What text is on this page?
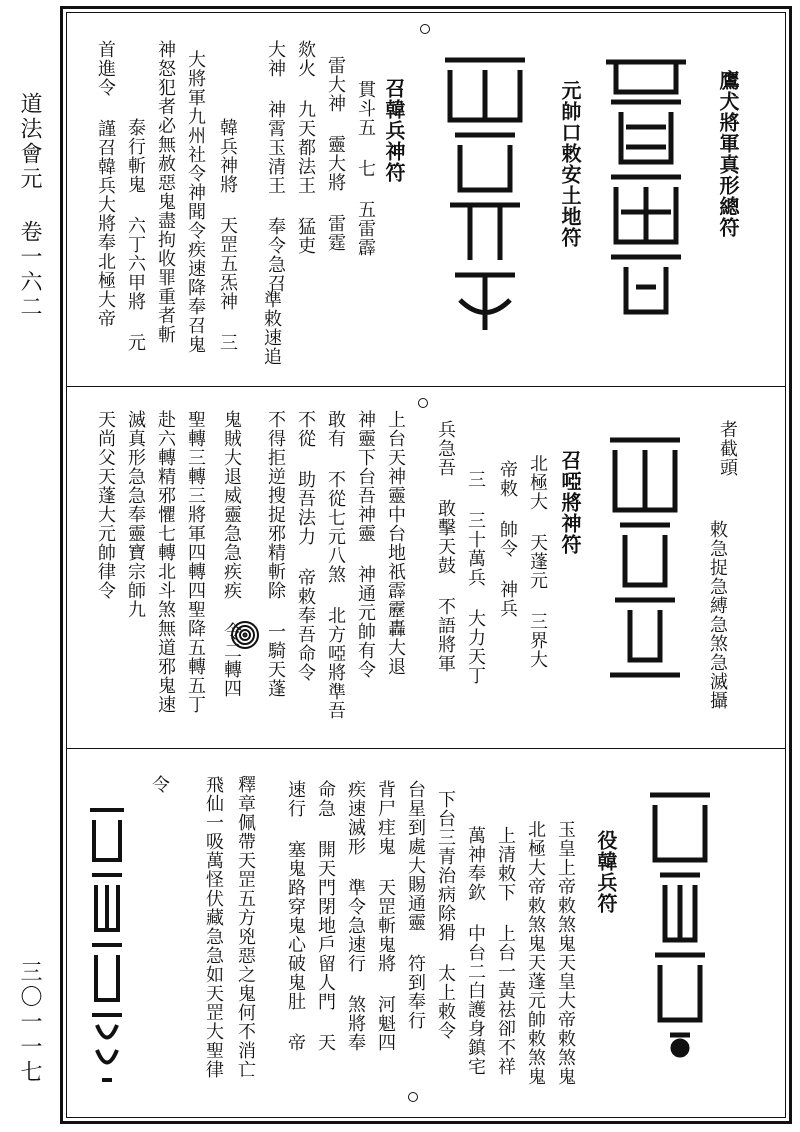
道法會元 卷一六二
三〇一一七
鷹犬將軍真形總符
元帥口敕安土地符
召韓兵神符
貫斗五 七 五雷霹
雷大神 靈大將 雷霆
欻火 九天都法王 猛吏
大神 神霄玉清王 奉令急召
準敕速追
韓兵神將 天罡五炁神 三
大將軍九州社令神聞令疾速降奉召鬼
神怒犯者必無赦惡鬼盡拘收罪重者斬
首進令 謹召韓兵大將奉北極大帝 泰行斬鬼 六丁六甲將 元
者截頭
敕急捉急縛急煞急滅攝
召啞將神符
北極大 天蓬元 三界大
帝敕 帥令 神兵
三 三十萬兵 大力天丁
兵急吾 敢擊天鼓 不語將軍
上台天神靈中台地祇霹靂轟大退
神靈下台吾神靈 神通元帥有令
敢有 不從七元八煞 北方啞將準吾
不從 助吾法力 帝敕奉吾命令
不得拒逆搜捉邪精斬除 一騎天蓬
鬼賊大退威靈急急疾疾 令二轉四
聖轉三轉三將軍四轉四聖降五轉五丁
赴六轉精邪懼七轉北斗煞無道邪鬼速
滅真形急急奉靈寶宗師九
天尚父天蓬大元帥律令
役韓兵符
玉皇上帝敕煞鬼天皇大帝敕煞鬼
北極大帝敕煞鬼天蓬元帥敕煞鬼
上清敕下 上台一黃祛卻不祥
萬神奉欽 中台二白護身鎮宅
下台三青治病除猾 太上敕令
台星到處大賜通靈 符到奉行
背尸疰鬼 天罡斬鬼將 河魁四
疾速滅形 準令急速行 煞將奉
命急 開天門閉地戶留人門 天
速行 塞鬼路穿鬼心破鬼肚 帝
釋章佩帶天罡五方兇惡之鬼何不消亡
飛仙一吸萬怪伏藏急急如天罡大聖律
令
